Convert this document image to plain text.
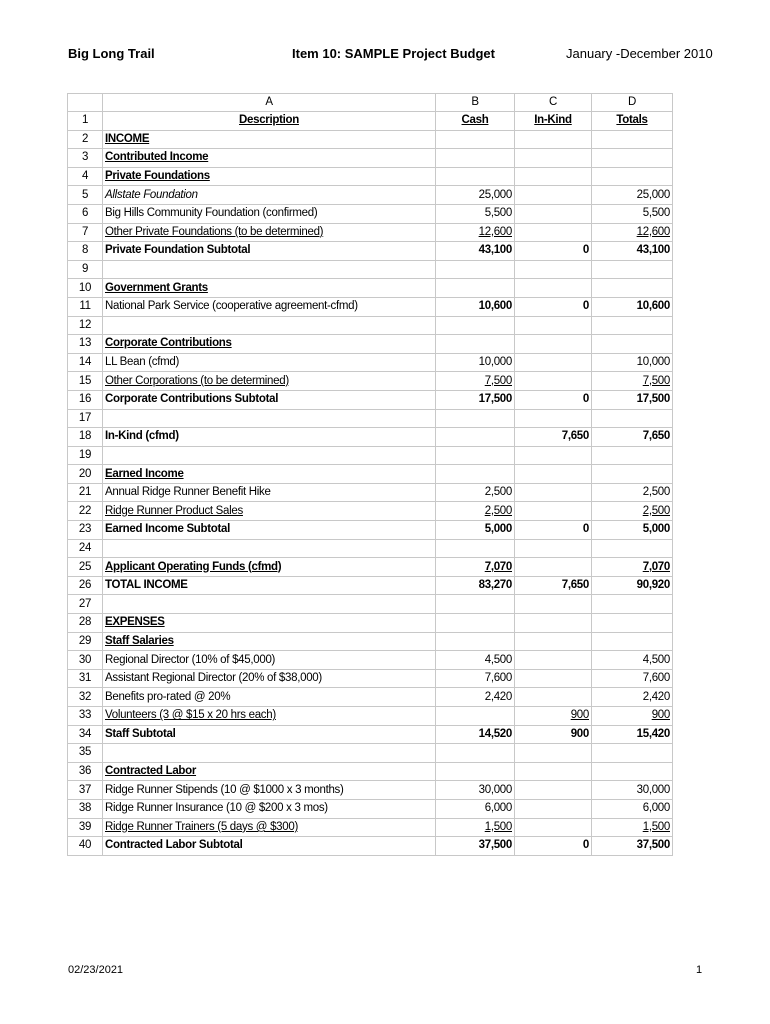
Big Long Trail	Item 10: SAMPLE Project Budget	January -December 2010
	A	B	C	D
1	Description	Cash	In-Kind	Totals
2	INCOME			
3	Contributed Income			
4	Private Foundations			
5	Allstate Foundation	25,000		25,000
6	Big Hills Community Foundation (confirmed)	5,500		5,500
7	Other Private Foundations (to be determined)	12,600		12,600
8	Private Foundation Subtotal	43,100	0	43,100
9				
10	Government Grants			
11	National Park Service (cooperative agreement-cfmd)	10,600	0	10,600
12				
13	Corporate Contributions			
14	LL Bean (cfmd)	10,000		10,000
15	Other Corporations (to be determined)	7,500		7,500
16	Corporate Contributions Subtotal	17,500	0	17,500
17				
18	In-Kind (cfmd)		7,650	7,650
19				
20	Earned Income			
21	Annual Ridge Runner Benefit Hike	2,500		2,500
22	Ridge Runner Product Sales	2,500		2,500
23	Earned Income Subtotal	5,000	0	5,000
24				
25	Applicant Operating Funds (cfmd)	7,070		7,070
26	TOTAL INCOME	83,270	7,650	90,920
27				
28	EXPENSES			
29	Staff Salaries			
30	Regional Director (10% of $45,000)	4,500		4,500
31	Assistant Regional Director (20% of $38,000)	7,600		7,600
32	Benefits pro-rated @ 20%	2,420		2,420
33	Volunteers (3 @ $15 x 20 hrs each)		900	900
34	Staff Subtotal	14,520	900	15,420
35				
36	Contracted Labor			
37	Ridge Runner Stipends (10 @ $1000 x 3 months)	30,000		30,000
38	Ridge Runner Insurance (10 @ $200 x 3 mos)	6,000		6,000
39	Ridge Runner Trainers (5 days @ $300)	1,500		1,500
40	Contracted Labor Subtotal	37,500	0	37,500
02/23/2021	1
